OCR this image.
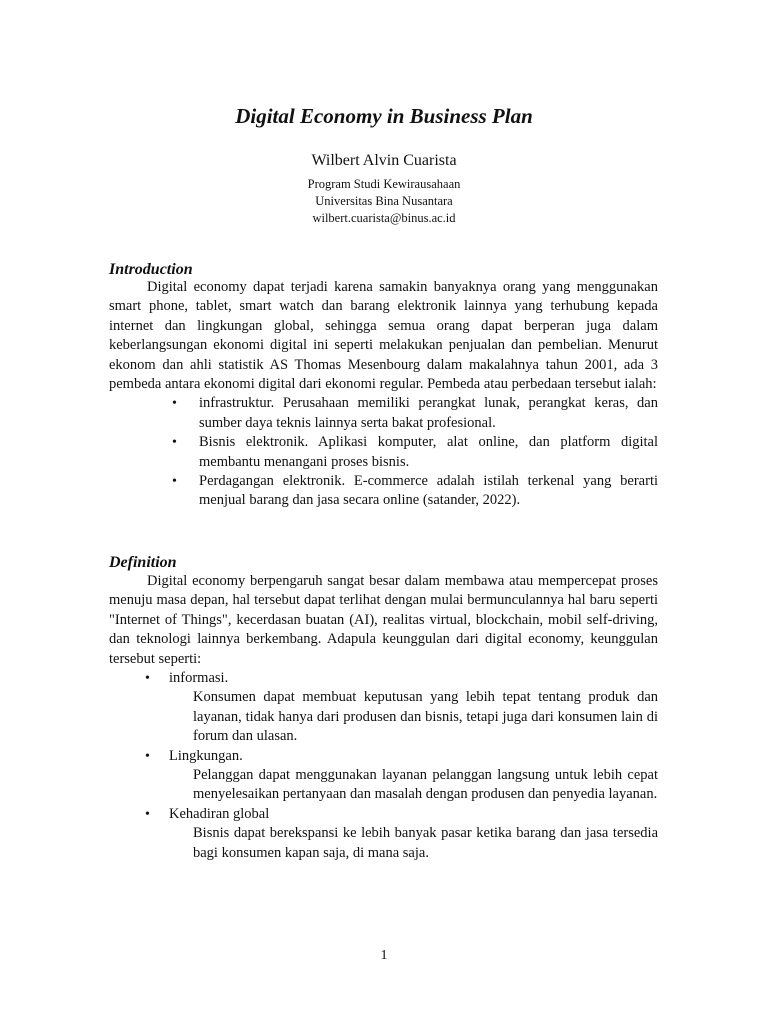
Digital Economy in Business Plan
Wilbert Alvin Cuarista
Program Studi Kewirausahaan
Universitas Bina Nusantara
wilbert.cuarista@binus.ac.id
Introduction

Digital economy dapat terjadi karena samakin banyaknya orang yang menggunakan smart phone, tablet, smart watch dan barang elektronik lainnya yang terhubung kepada internet dan lingkungan global, sehingga semua orang dapat berperan juga dalam keberlangsungan ekonomi digital ini seperti melakukan penjualan dan pembelian. Menurut ekonom dan ahli statistik AS Thomas Mesenbourg dalam makalahnya tahun 2001, ada 3 pembeda antara ekonomi digital dari ekonomi regular. Pembeda atau perbedaan tersebut ialah:

• infrastruktur. Perusahaan memiliki perangkat lunak, perangkat keras, dan sumber daya teknis lainnya serta bakat profesional.
• Bisnis elektronik. Aplikasi komputer, alat online, dan platform digital membantu menangani proses bisnis.
• Perdagangan elektronik. E-commerce adalah istilah terkenal yang berarti menjual barang dan jasa secara online (satander, 2022).
Definition

Digital economy berpengaruh sangat besar dalam membawa atau mempercepat proses menuju masa depan, hal tersebut dapat terlihat dengan mulai bermunculannya hal baru seperti "Internet of Things", kecerdasan buatan (AI), realitas virtual, blockchain, mobil self-driving, dan teknologi lainnya berkembang. Adapula keunggulan dari digital economy, keunggulan tersebut seperti:

• informasi.
Konsumen dapat membuat keputusan yang lebih tepat tentang produk dan layanan, tidak hanya dari produsen dan bisnis, tetapi juga dari konsumen lain di forum dan ulasan.
• Lingkungan.
Pelanggan dapat menggunakan layanan pelanggan langsung untuk lebih cepat menyelesaikan pertanyaan dan masalah dengan produsen dan penyedia layanan.
• Kehadiran global
Bisnis dapat berekspansi ke lebih banyak pasar ketika barang dan jasa tersedia bagi konsumen kapan saja, di mana saja.
1
